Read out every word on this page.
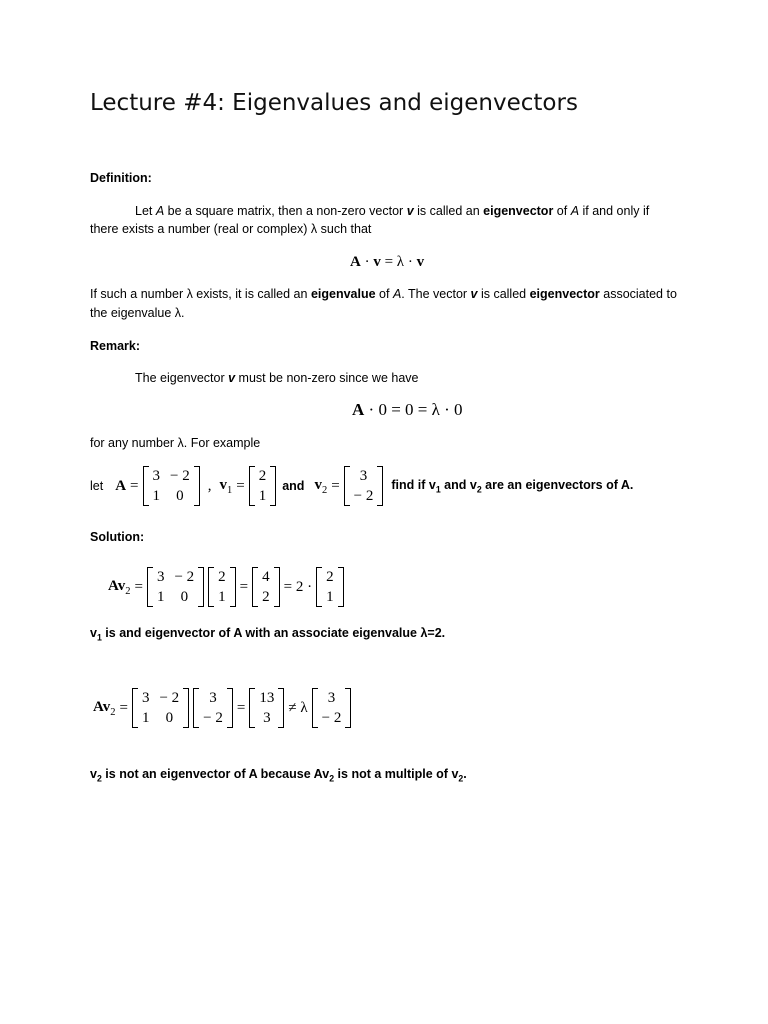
Lecture #4: Eigenvalues and eigenvectors
Definition:
Let A be a square matrix, then a non-zero vector v is called an eigenvector of A if and only if
there exists a number (real or complex) λ such that
A · v = λ · v
If such a number λ exists, it is called an eigenvalue of A. The vector v is called eigenvector associated to
the eigenvalue λ.
Remark:
The eigenvector v must be non-zero since we have
A · 0 = 0 = λ · 0
for any number λ. For example
let A =
3 − 2
1	0
, $v_1$ =
2
1
and $v_2$ =
3
− 2
find if $v_1$ and $v_2$ are an eigenvectors of A.
Solution:
$Av_2$ =
3 − 2
1	0
2
1
=
4
2
= 2 ·
2
1
$v_1$ is and eigenvector of A with an associate eigenvalue λ=2.
$Av_2$ =
3 − 2
1	0
3
− 2
=
13
3
≠ λ
3
− 2
$v_2$ is not an eigenvector of A because $Av_2$ is not a multiple of $v_2$.
